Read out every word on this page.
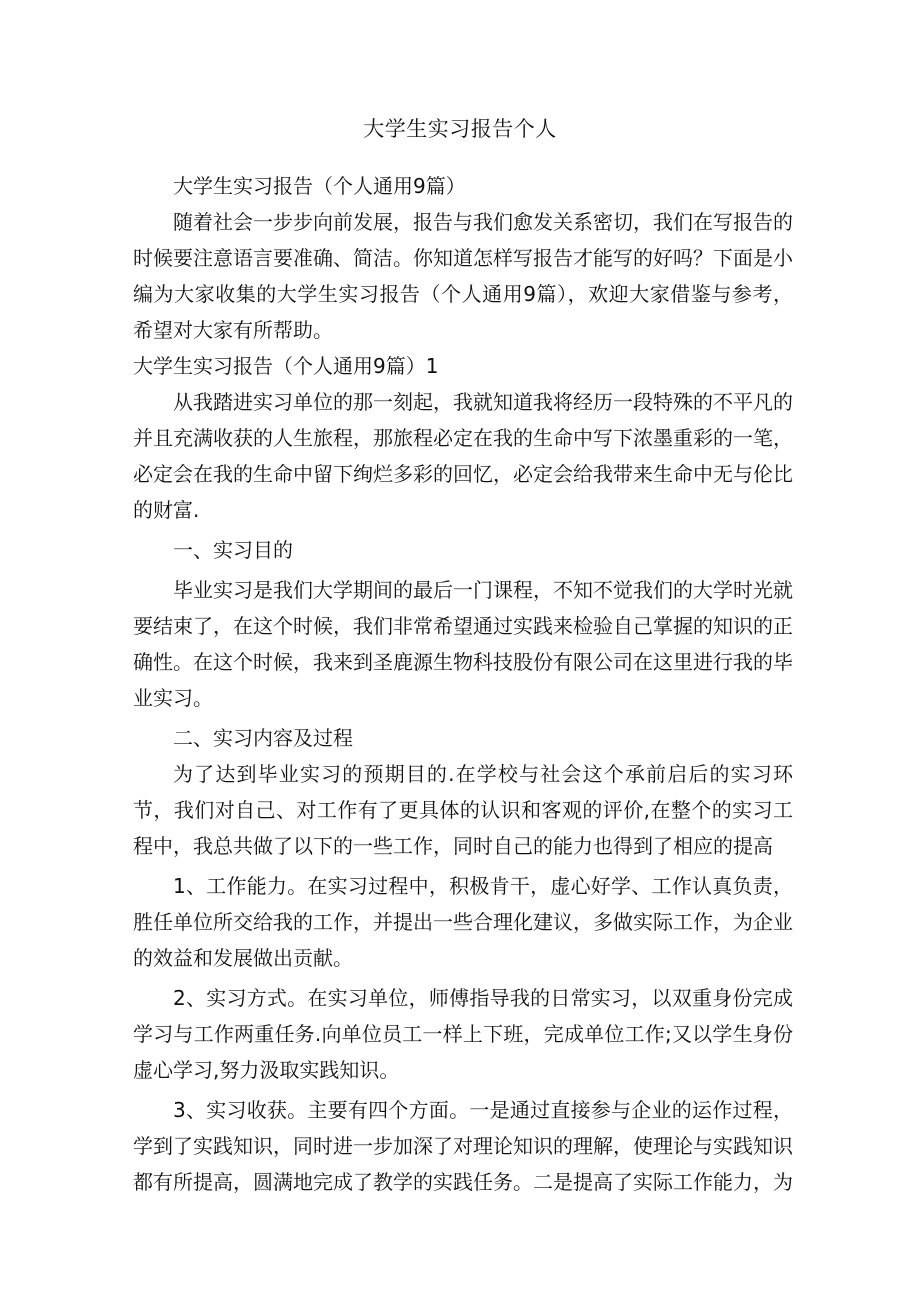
大学生实习报告个人

大学生实习报告（个人通用9篇）

随着社会一步步向前发展，报告与我们愈发关系密切，我们在写报告的时候要注意语言要准确、简洁。你知道怎样写报告才能写的好吗？下面是小编为大家收集的大学生实习报告（个人通用9篇），欢迎大家借鉴与参考，希望对大家有所帮助。

大学生实习报告（个人通用9篇）1

从我踏进实习单位的那一刻起，我就知道我将经历一段特殊的不平凡的并且充满收获的人生旅程，那旅程必定在我的生命中写下浓墨重彩的一笔，必定会在我的生命中留下绚烂多彩的回忆，必定会给我带来生命中无与伦比的财富.

一、实习目的

毕业实习是我们大学期间的最后一门课程，不知不觉我们的大学时光就要结束了，在这个时候，我们非常希望通过实践来检验自己掌握的知识的正确性。在这个时候，我来到圣鹿源生物科技股份有限公司在这里进行我的毕业实习。

二、实习内容及过程

为了达到毕业实习的预期目的.在学校与社会这个承前启后的实习环节，我们对自己、对工作有了更具体的认识和客观的评价,在整个的实习工程中，我总共做了以下的一些工作，同时自己的能力也得到了相应的提高

1、工作能力。在实习过程中，积极肯干，虚心好学、工作认真负责，胜任单位所交给我的工作，并提出一些合理化建议，多做实际工作，为企业的效益和发展做出贡献。

2、实习方式。在实习单位，师傅指导我的日常实习，以双重身份完成学习与工作两重任务.向单位员工一样上下班，完成单位工作;又以学生身份虚心学习,努力汲取实践知识。

3、实习收获。主要有四个方面。一是通过直接参与企业的运作过程，学到了实践知识，同时进一步加深了对理论知识的理解，使理论与实践知识都有所提高，圆满地完成了教学的实践任务。二是提高了实际工作能力，为
